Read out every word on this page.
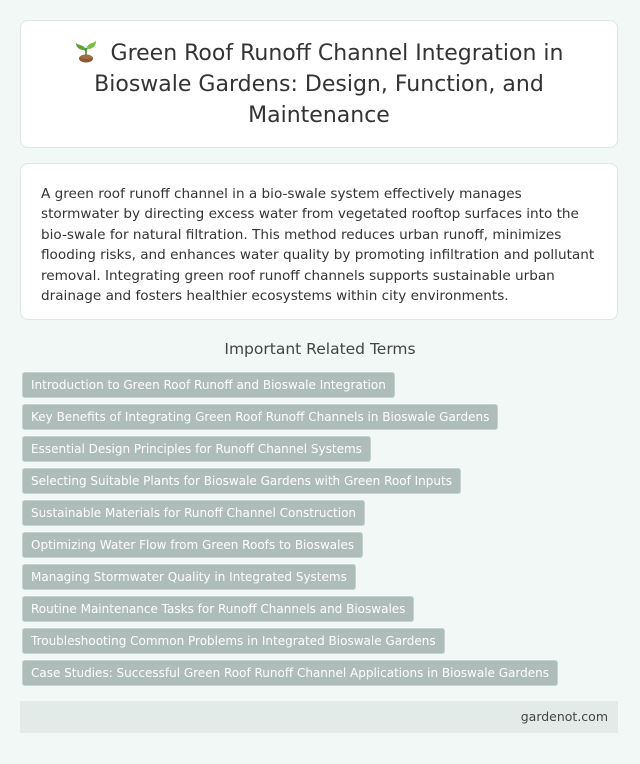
Green Roof Runoff Channel Integration in Bioswale Gardens: Design, Function, and Maintenance

A green roof runoff channel in a bio-swale system effectively manages stormwater by directing excess water from vegetated rooftop surfaces into the bio-swale for natural filtration. This method reduces urban runoff, minimizes flooding risks, and enhances water quality by promoting infiltration and pollutant removal. Integrating green roof runoff channels supports sustainable urban drainage and fosters healthier ecosystems within city environments.

Important Related Terms
Introduction to Green Roof Runoff and Bioswale Integration
Key Benefits of Integrating Green Roof Runoff Channels in Bioswale Gardens
Essential Design Principles for Runoff Channel Systems
Selecting Suitable Plants for Bioswale Gardens with Green Roof Inputs
Sustainable Materials for Runoff Channel Construction
Optimizing Water Flow from Green Roofs to Bioswales
Managing Stormwater Quality in Integrated Systems
Routine Maintenance Tasks for Runoff Channels and Bioswales
Troubleshooting Common Problems in Integrated Bioswale Gardens
Case Studies: Successful Green Roof Runoff Channel Applications in Bioswale Gardens
gardenot.com
